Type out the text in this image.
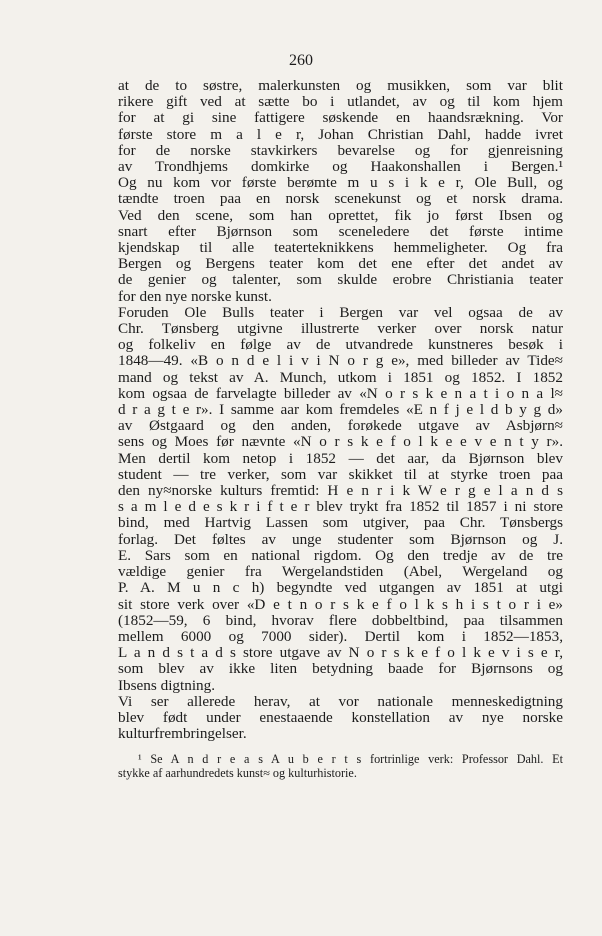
260
at de to søstre, malerkunsten og musikken, som var blit
rikere gift ved at sætte bo i utlandet, av og til kom hjem
for at gi sine fattigere søskende en haandsrækning. Vor
første store m a l e r, Johan Christian Dahl, hadde ivret
for de norske stavkirkers bevarelse og for gjenreisning
av Trondhjems domkirke og Haakonshallen i Bergen.¹
Og nu kom vor første berømte m u s i k e r, Ole Bull, og
tændte troen paa en norsk scenekunst og et norsk drama.
Ved den scene, som han oprettet, fik jo først Ibsen og
snart efter Bjørnson som sceneledere det første intime
kjendskap til alle teaterteknikkens hemmeligheter. Og fra
Bergen og Bergens teater kom det ene efter det andet av
de genier og talenter, som skulde erobre Christiania teater
for den nye norske kunst.
Foruden Ole Bulls teater i Bergen var vel ogsaa de av
Chr. Tønsberg utgivne illustrerte verker over norsk natur
og folkeliv en følge av de utvandrede kunstneres besøk i
1848—49. «B o n d e l i v i N o r g e», med billeder av Tide≈
mand og tekst av A. Munch, utkom i 1851 og 1852. I 1852
kom ogsaa de farvelagte billeder av «N o r s k e n a t i o n a l≈
d r a g t e r». I samme aar kom fremdeles «E n f j e l d b y g d»
av Østgaard og den anden, forøkede utgave av Asbjørn≈
sens og Moes før nævnte «N o r s k e f o l k e e v e n t y r».
Men dertil kom netop i 1852 — det aar, da Bjørnson blev
student — tre verker, som var skikket til at styrke troen paa
den ny≈norske kulturs fremtid: H e n r i k W e r g e l a n d s
s a m l e d e s k r i f t e r blev trykt fra 1852 til 1857 i ni store
bind, med Hartvig Lassen som utgiver, paa Chr. Tønsbergs
forlag. Det føltes av unge studenter som Bjørnson og J.
E. Sars som en national rigdom. Og den tredje av de tre
vældige genier fra Wergelandstiden (Abel, Wergeland og
P. A. M u n c h) begyndte ved utgangen av 1851 at utgi
sit store verk over «D e t n o r s k e f o l k s h i s t o r i e»
(1852—59, 6 bind, hvorav flere dobbeltbind, paa tilsammen
mellem 6000 og 7000 sider). Dertil kom i 1852—1853,
L a n d s t a d s store utgave av N o r s k e f o l k e v i s e r,
som blev av ikke liten betydning baade for Bjørnsons og
Ibsens digtning.
Vi ser allerede herav, at vor nationale menneskedigtning
blev født under enestaaende konstellation av nye norske
kulturfrembringelser.
¹ Se A n d r e a s A u b e r t s fortrinlige verk: Professor Dahl. Et
stykke af aarhundredets kunst≈ og kulturhistorie.
